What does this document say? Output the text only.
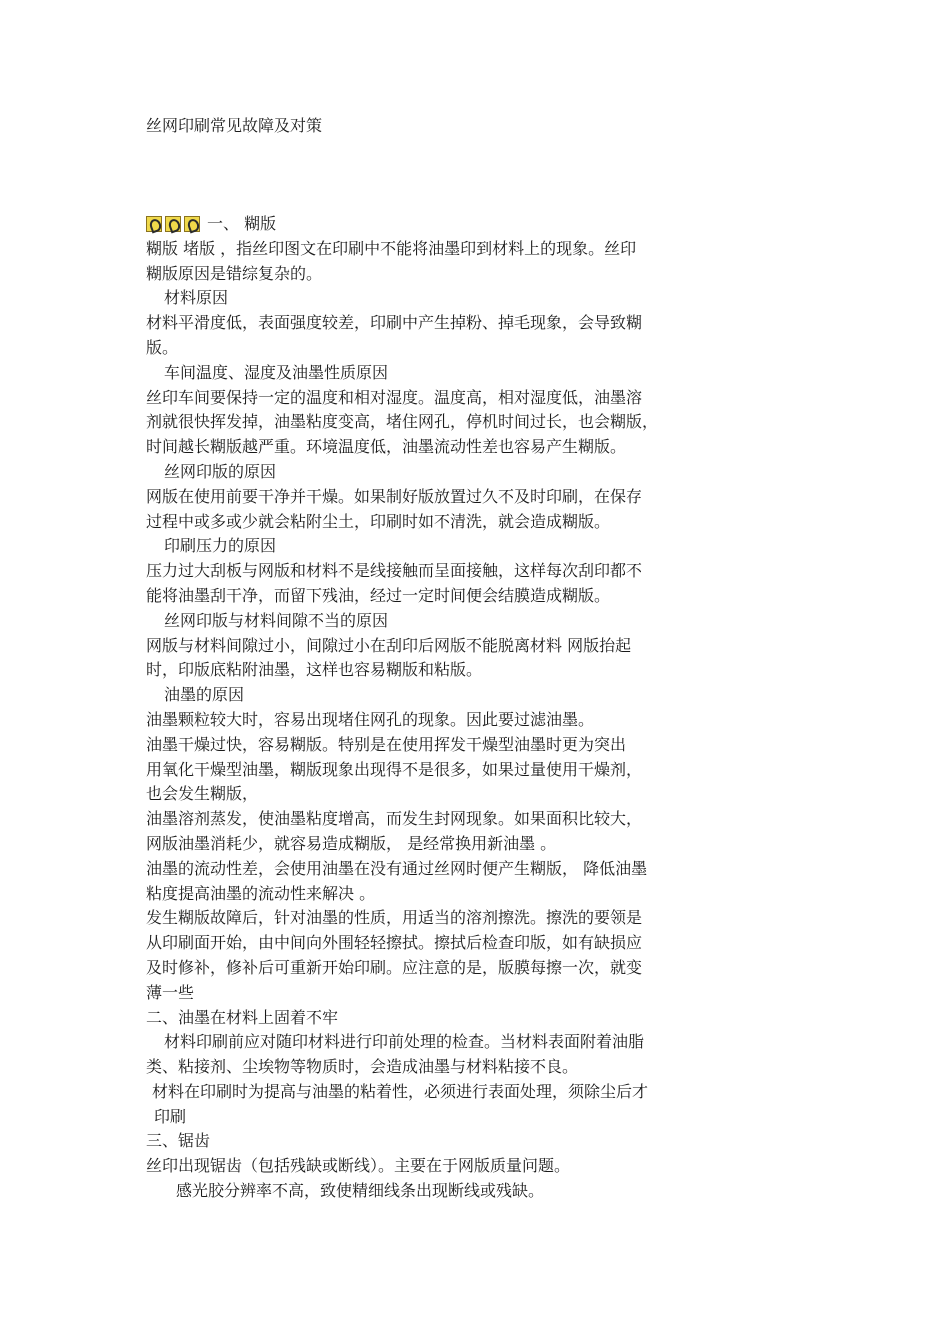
丝网印刷常见故障及对策
一、 糊版
糊版 堵版 ，指丝印图文在印刷中不能将油墨印到材料上的现象。丝印
糊版原因是错综复杂的。
材料原因
材料平滑度低，表面强度较差，印刷中产生掉粉、掉毛现象，会导致糊
版。
车间温度、湿度及油墨性质原因
丝印车间要保持一定的温度和相对湿度。温度高，相对湿度低，油墨溶
剂就很快挥发掉，油墨粘度变高，堵住网孔，停机时间过长，也会糊版，
时间越长糊版越严重。环境温度低，油墨流动性差也容易产生糊版。
丝网印版的原因
网版在使用前要干净并干燥。如果制好版放置过久不及时印刷，在保存
过程中或多或少就会粘附尘土，印刷时如不清洗，就会造成糊版。
印刷压力的原因
压力过大刮板与网版和材料不是线接触而呈面接触，这样每次刮印都不
能将油墨刮干净，而留下残油，经过一定时间便会结膜造成糊版。
丝网印版与材料间隙不当的原因
网版与材料间隙过小，间隙过小在刮印后网版不能脱离材料 网版抬起
时，印版底粘附油墨，这样也容易糊版和粘版。
油墨的原因
油墨颗粒较大时，容易出现堵住网孔的现象。因此要过滤油墨。
油墨干燥过快，容易糊版。特别是在使用挥发干燥型油墨时更为突出
用氧化干燥型油墨，糊版现象出现得不是很多，如果过量使用干燥剂，
也会发生糊版，
油墨溶剂蒸发，使油墨粘度增高，而发生封网现象。如果面积比较大，
网版油墨消耗少，就容易造成糊版， 是经常换用新油墨 。
油墨的流动性差，会使用油墨在没有通过丝网时便产生糊版， 降低油墨
粘度提高油墨的流动性来解决 。
发生糊版故障后，针对油墨的性质，用适当的溶剂擦洗。擦洗的要领是
从印刷面开始，由中间向外围轻轻擦拭。擦拭后检查印版，如有缺损应
及时修补，修补后可重新开始印刷。应注意的是，版膜每擦一次，就变
薄一些
二、油墨在材料上固着不牢
材料印刷前应对随印材料进行印前处理的检查。当材料表面附着油脂
类、粘接剂、尘埃物等物质时，会造成油墨与材料粘接不良。
材料在印刷时为提高与油墨的粘着性，必须进行表面处理，须除尘后才
印刷
三、锯齿
丝印出现锯齿（包括残缺或断线）。主要在于网版质量问题。
感光胶分辨率不高，致使精细线条出现断线或残缺。
